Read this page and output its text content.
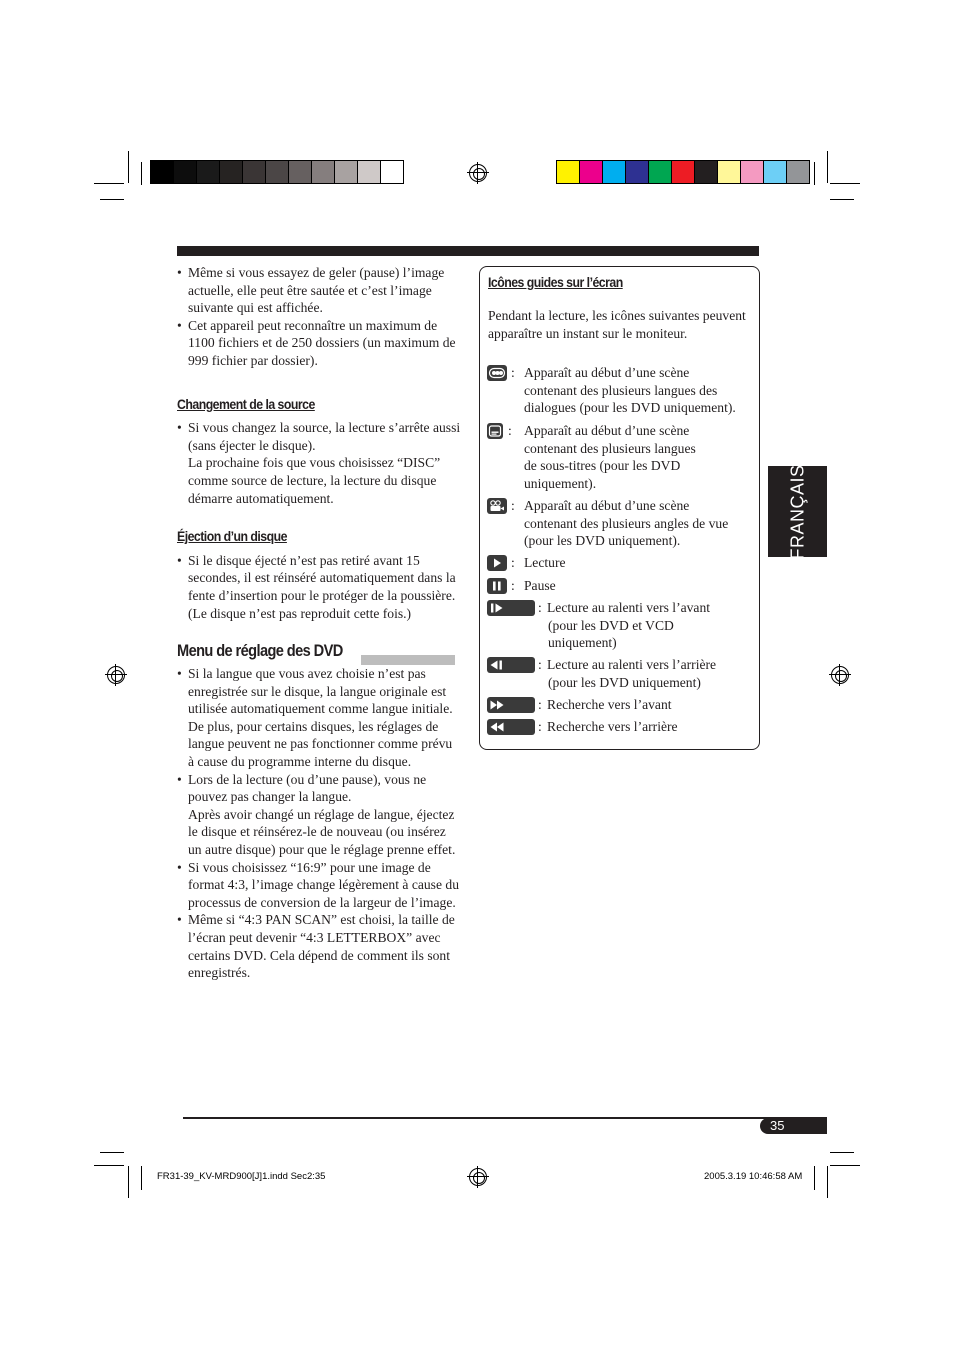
• Même si vous essayez de geler (pause) l’image actuelle, elle peut être sautée et c’est l’image suivante qui est affichée.
• Cet appareil peut reconnaître un maximum de 1100 fichiers et de 250 dossiers (un maximum de 999 fichier par dossier).
Changement de la source
• Si vous changez la source, la lecture s’arrête aussi (sans éjecter le disque).
La prochaine fois que vous choisissez “DISC” comme source de lecture, la lecture du disque démarre automatiquement.
Éjection d’un disque
• Si le disque éjecté n’est pas retiré avant 15 secondes, il est réinséré automatiquement dans la fente d’insertion pour le protéger de la poussière. (Le disque n’est pas reproduit cette fois.)
Menu de réglage des DVD
• Si la langue que vous avez choisie n’est pas enregistrée sur le disque, la langue originale est utilisée automatiquement comme langue initiale. De plus, pour certains disques, les réglages de langue peuvent ne pas fonctionner comme prévu à cause du programme interne du disque.
• Lors de la lecture (ou d’une pause), vous ne pouvez pas changer la langue.
Après avoir changé un réglage de langue, éjectez le disque et réinsérez-le de nouveau (ou insérez un autre disque) pour que le réglage prenne effet.
• Si vous choisissez “16:9” pour une image de format 4:3, l’image change légèrement à cause du processus de conversion de la largeur de l’image.
• Même si “4:3 PAN SCAN” est choisi, la taille de l’écran peut devenir “4:3 LETTERBOX” avec certains DVD. Cela dépend de comment ils sont enregistrés.
Icônes guides sur l’écran

Pendant la lecture, les icônes suivantes peuvent apparaître un instant sur le moniteur.

: Apparaît au début d’une scène
contenant des plusieurs langues des
dialogues (pour les DVD uniquement).
: Apparaît au début d’une scène
contenant des plusieurs langues
de sous-titres (pour les DVD
uniquement).
: Apparaît au début d’une scène
contenant des plusieurs angles de vue
(pour les DVD uniquement).
: Lecture
: Pause
: Lecture au ralenti vers l’avant
(pour les DVD et VCD
uniquement)
: Lecture au ralenti vers l’arrière
(pour les DVD uniquement)
: Recherche vers l’avant
: Recherche vers l’arrière
FRANÇAIS
35
FR31-39_KV-MRD900[J]1.indd Sec2:35	2005.3.19 10:46:58 AM
